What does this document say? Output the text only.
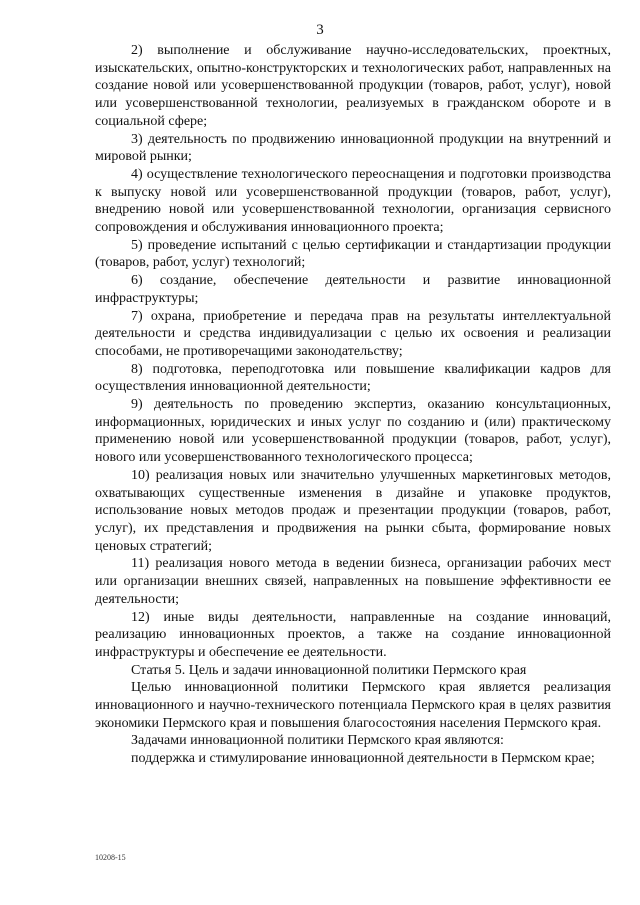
3

2) выполнение и обслуживание научно-исследовательских, проектных, изыскательских, опытно-конструкторских и технологических работ, направленных на создание новой или усовершенствованной продукции (товаров, работ, услуг), новой или усовершенствованной технологии, реализуемых в гражданском обороте и в социальной сфере;

3) деятельность по продвижению инновационной продукции на внутренний и мировой рынки;

4) осуществление технологического переоснащения и подготовки производства к выпуску новой или усовершенствованной продукции (товаров, работ, услуг), внедрению новой или усовершенствованной технологии, организация сервисного сопровождения и обслуживания инновационного проекта;

5) проведение испытаний с целью сертификации и стандартизации продукции (товаров, работ, услуг) технологий;

6) создание, обеспечение деятельности и развитие инновационной инфраструктуры;

7) охрана, приобретение и передача прав на результаты интеллектуальной деятельности и средства индивидуализации с целью их освоения и реализации способами, не противоречащими законодательству;

8) подготовка, переподготовка или повышение квалификации кадров для осуществления инновационной деятельности;

9) деятельность по проведению экспертиз, оказанию консультационных, информационных, юридических и иных услуг по созданию и (или) практическому применению новой или усовершенствованной продукции (товаров, работ, услуг), нового или усовершенствованного технологического процесса;

10) реализация новых или значительно улучшенных маркетинговых методов, охватывающих существенные изменения в дизайне и упаковке продуктов, использование новых методов продаж и презентации продукции (товаров, работ, услуг), их представления и продвижения на рынки сбыта, формирование новых ценовых стратегий;

11) реализация нового метода в ведении бизнеса, организации рабочих мест или организации внешних связей, направленных на повышение эффективности ее деятельности;

12) иные виды деятельности, направленные на создание инноваций, реализацию инновационных проектов, а также на создание инновационной инфраструктуры и обеспечение ее деятельности.

Статья 5. Цель и задачи инновационной политики Пермского края

Целью инновационной политики Пермского края является реализация инновационного и научно-технического потенциала Пермского края в целях развития экономики Пермского края и повышения благосостояния населения Пермского края.

Задачами инновационной политики Пермского края являются:

поддержка и стимулирование инновационной деятельности в Пермском крае;

10208-15
